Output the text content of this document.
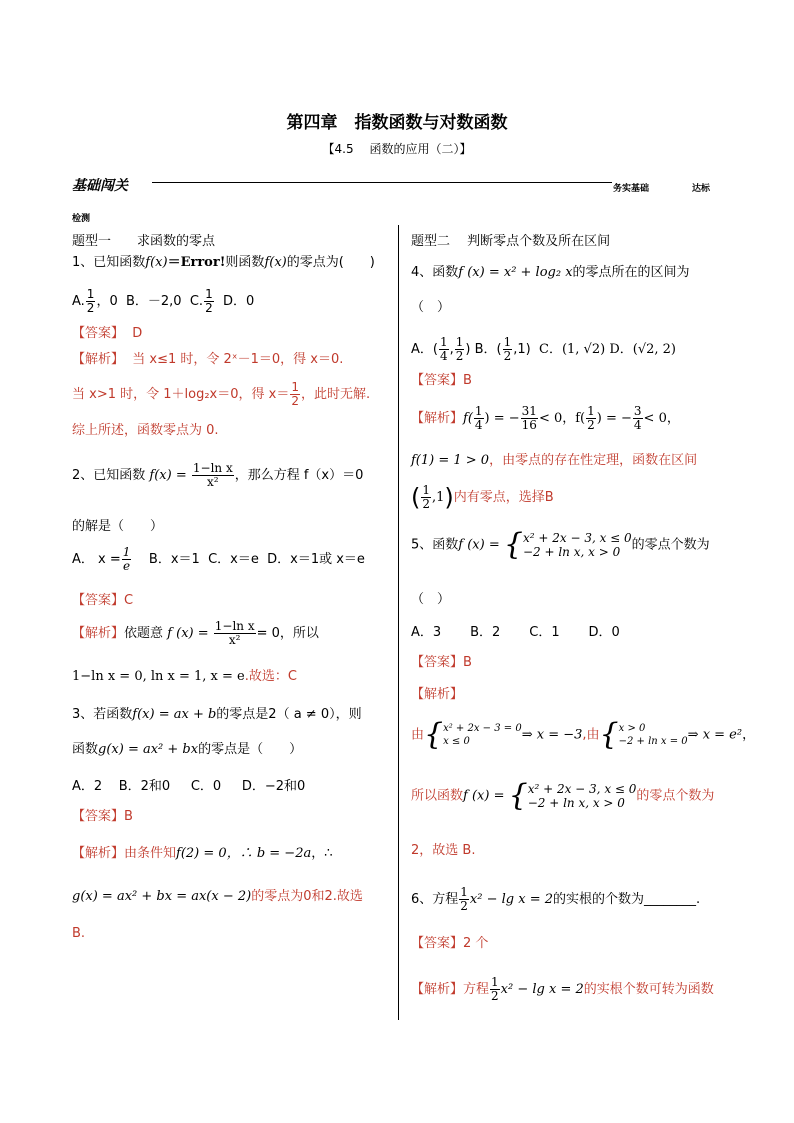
第四章　指数函数与对数函数
【4.5　 函数的应用（二）】
基础闯关	务实基础	达标
检测
题型一　　求函数的零点
1、已知函数f(x)＝Error!则函数f(x)的零点为(　　)
A. $\frac{1}{2}$ ，0 B．－2,0 C. $\frac{1}{2}$ D．0
【答案】 D
【解析】 当 x≤1 时，令 2ˣ－1＝0，得 x＝0.
当 x>1 时，令 1＋log₂x＝0，得 $x= \frac{1}{2}$ ，此时无解.
综上所述，函数零点为 0.
2、已知函数 $f(x) = \frac{\text{1−ln x}}{\text{x²}}$ ，那么方程 f（x）＝0
的解是（　　）
A． $x = \frac{1}{e}$ B．x＝1 C．x＝e D．x＝1或 x＝e
【答案】C
【解析】依题意 f $(x) = \frac{\text{1−ln x}}{\text{x²}} = 0$，所以
1−ln x = 0, ln x = 1, x = e.故选：C
3、若函数f(x) = ax + b的零点是2（ a ≠ 0），则
函数g(x) = ax² + bx的零点是（　　）
A．2 B．2和0 C．0 D．−2和0
【答案】B
【解析】由条件知f(2) = 0，∴ b = −2a，∴
g(x) = ax² + bx = ax(x − 2)的零点为0和2.故选
B.
题型二　 判断零点个数及所在区间
4、函数f (x) = x² + log₂ x的零点所在的区间为
（　）
A．( $\frac{1}{4}$ , $\frac{1}{2}$ ) B．( $\frac{1}{2} ,1$) C．(1, √2) D．(√2, 2)
【答案】B
【解析】$f( \frac{1}{4}$ ) = − $\frac{31}{16} < 0$，$f( \frac{1}{2}$ ) = − $\frac{3}{4} < 0$，
f(1) = 1 > 0，由零点的存在性定理，函数在区间
( $\frac{1}{2} ,1$)内有零点，选择B
5、函数f (x) = {x² + 2x − 3, x ≤ 0
−2 + ln x, x > 0 的零点个数为
（　）
A．3 B．2 C．1 D．0
【答案】B
【解析】
由{x² + 2x − 3 = 0
x ≤ 0	⇒ x = −3,由{x > 0
−2 + ln x = 0⇒ x = e²，
所以函数f (x) = {x² + 2x − 3, x ≤ 0
−2 + ln x, x > 0 的零点个数为
2，故选 B.
6、方程 $\frac{1}{2} x^2 - \lg x = 2$的实根的个数为________.
【答案】2 个
【解析】方程 $\frac{1}{2} x^2 - \lg x = 2$的实根个数可转为函数
